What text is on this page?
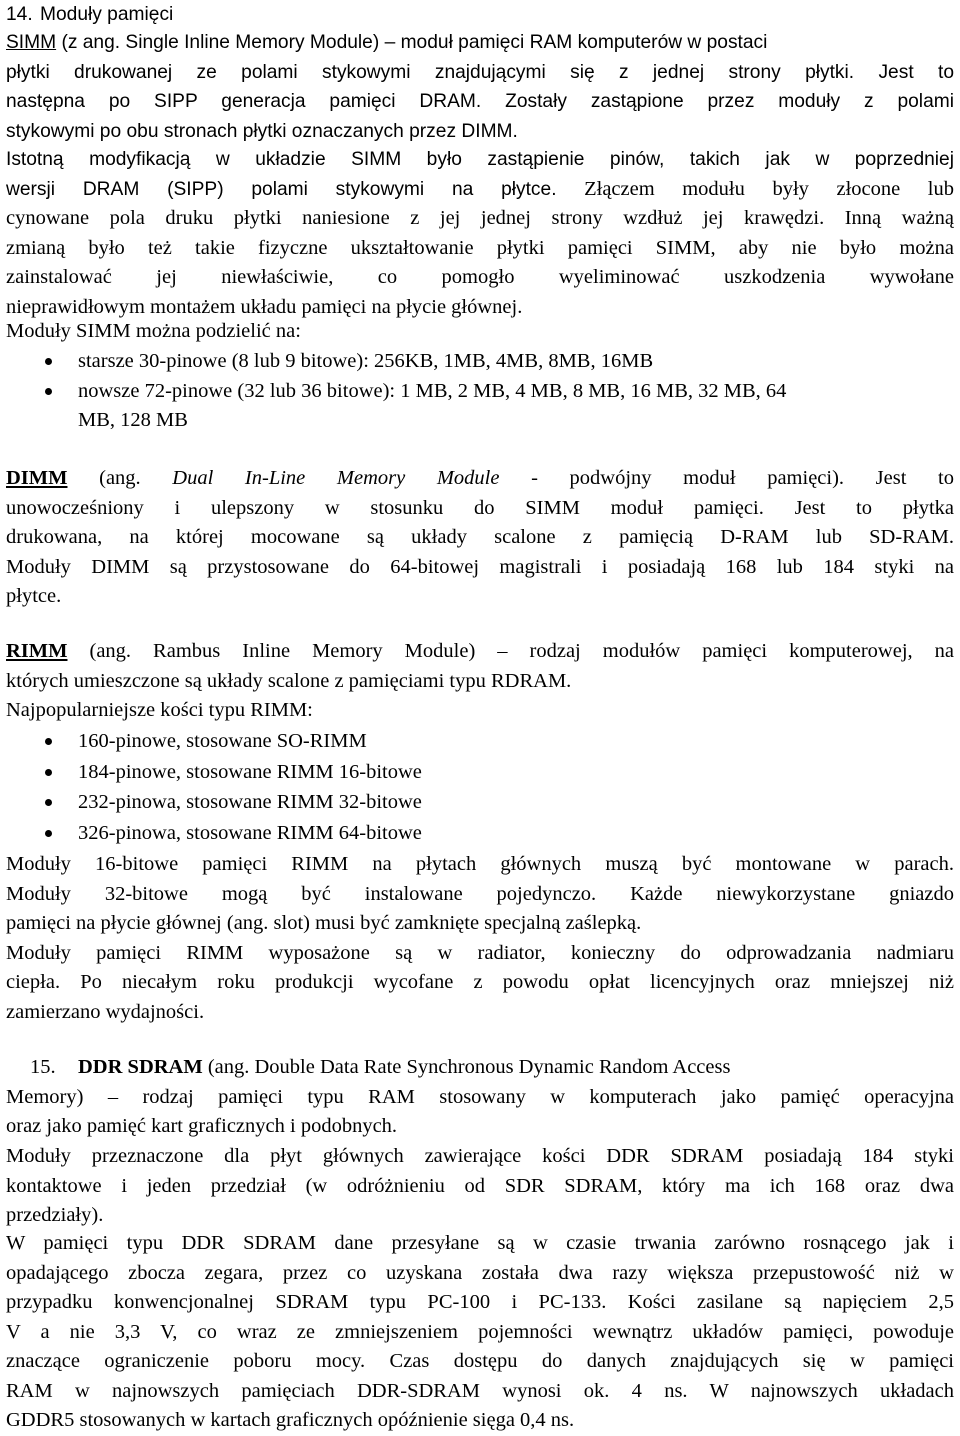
14. Moduły pamięci
SIMM (z ang. Single Inline Memory Module) – moduł pamięci RAM komputerów w postaci
płytki drukowanej ze polami stykowymi znajdującymi się z jednej strony płytki. Jest to
następna po SIPP generacja pamięci DRAM. Zostały zastąpione przez moduły z polami
stykowymi po obu stronach płytki oznaczanych przez DIMM.
Istotną modyfikacją w układzie SIMM było zastąpienie pinów, takich jak w poprzedniej
wersji DRAM (SIPP) polami stykowymi na płytce. Złączem modułu były złocone lub
cynowane pola druku płytki naniesione z jej jednej strony wzdłuż jej krawędzi. Inną ważną
zmianą było też takie fizyczne ukształtowanie płytki pamięci SIMM, aby nie było można
zainstalować jej niewłaściwie, co pomogło wyeliminować uszkodzenia wywołane
nieprawidłowym montażem układu pamięci na płycie głównej.
Moduły SIMM można podzielić na:
starsze 30-pinowe (8 lub 9 bitowe): 256KB, 1MB, 4MB, 8MB, 16MB
nowsze 72-pinowe (32 lub 36 bitowe): 1 MB, 2 MB, 4 MB, 8 MB, 16 MB, 32 MB, 64
MB, 128 MB
DIMM (ang. Dual In-Line Memory Module - podwójny moduł pamięci). Jest to
unowocześniony i ulepszony w stosunku do SIMM moduł pamięci. Jest to płytka
drukowana, na której mocowane są układy scalone z pamięcią D-RAM lub SD-RAM.
Moduły DIMM są przystosowane do 64-bitowej magistrali i posiadają 168 lub 184 styki na
płytce.
RIMM (ang. Rambus Inline Memory Module) – rodzaj modułów pamięci komputerowej, na
których umieszczone są układy scalone z pamięciami typu RDRAM.
Najpopularniejsze kości typu RIMM:
160-pinowe, stosowane SO-RIMM
184-pinowe, stosowane RIMM 16-bitowe
232-pinowa, stosowane RIMM 32-bitowe
326-pinowa, stosowane RIMM 64-bitowe
Moduły 16-bitowe pamięci RIMM na płytach głównych muszą być montowane w parach.
Moduły 32-bitowe mogą być instalowane pojedynczo. Każde niewykorzystane gniazdo
pamięci na płycie głównej (ang. slot) musi być zamknięte specjalną zaślepką.
Moduły pamięci RIMM wyposażone są w radiator, konieczny do odprowadzania nadmiaru
ciepła. Po niecałym roku produkcji wycofane z powodu opłat licencyjnych oraz mniejszej niż
zamierzano wydajności.
15. DDR SDRAM (ang. Double Data Rate Synchronous Dynamic Random Access
Memory) – rodzaj pamięci typu RAM stosowany w komputerach jako pamięć operacyjna
oraz jako pamięć kart graficznych i podobnych.
Moduły przeznaczone dla płyt głównych zawierające kości DDR SDRAM posiadają 184 styki
kontaktowe i jeden przedział (w odróżnieniu od SDR SDRAM, który ma ich 168 oraz dwa
przedziały).
W pamięci typu DDR SDRAM dane przesyłane są w czasie trwania zarówno rosnącego jak i
opadającego zbocza zegara, przez co uzyskana została dwa razy większa przepustowość niż w
przypadku konwencjonalnej SDRAM typu PC-100 i PC-133. Kości zasilane są napięciem 2,5
V a nie 3,3 V, co wraz ze zmniejszeniem pojemności wewnątrz układów pamięci, powoduje
znaczące ograniczenie poboru mocy. Czas dostępu do danych znajdujących się w pamięci
RAM w najnowszych pamięciach DDR-SDRAM wynosi ok. 4 ns. W najnowszych układach
GDDR5 stosowanych w kartach graficznych opóźnienie sięga 0,4 ns.
